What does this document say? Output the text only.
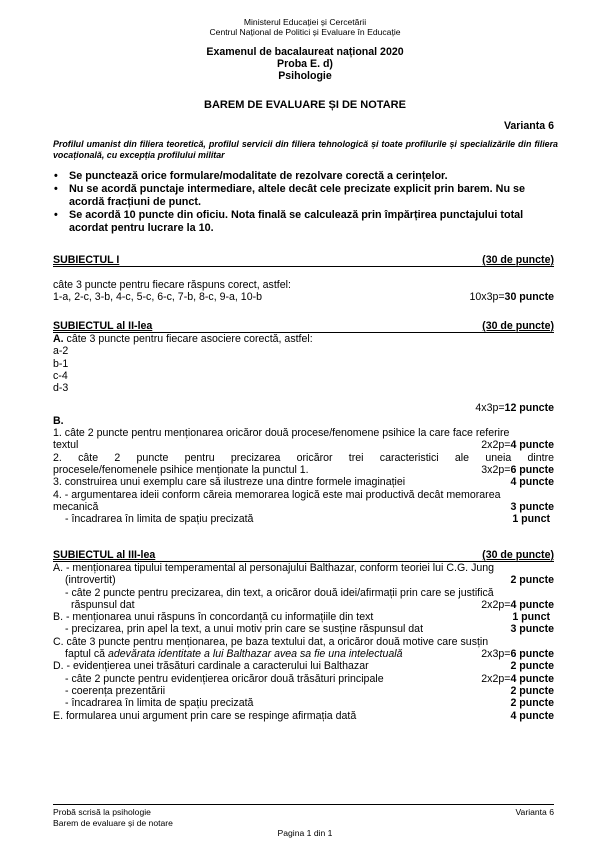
Ministerul Educației și Cercetării
Centrul Național de Politici și Evaluare în Educație
Examenul de bacalaureat național 2020
Proba E. d)
Psihologie
BAREM DE EVALUARE ȘI DE NOTARE
Varianta 6
Profilul umanist din filiera teoretică, profilul servicii din filiera tehnologică și toate profilurile și specializările din filiera vocațională, cu excepția profilului militar
• Se punctează orice formulare/modalitate de rezolvare corectă a cerințelor.
• Nu se acordă punctaje intermediare, altele decât cele precizate explicit prin barem. Nu se acordă fracțiuni de punct.
• Se acordă 10 puncte din oficiu. Nota finală se calculează prin împărțirea punctajului total acordat pentru lucrare la 10.
SUBIECTUL I	(30 de puncte)
câte 3 puncte pentru fiecare răspuns corect, astfel:
1-a, 2-c, 3-b, 4-c, 5-c, 6-c, 7-b, 8-c, 9-a, 10-b	10x3p=30 puncte
SUBIECTUL al II-lea	(30 de puncte)
A. câte 3 puncte pentru fiecare asociere corectă, astfel:
a-2
b-1
c-4
d-3
4x3p=12 puncte
B.
1. câte 2 puncte pentru menționarea oricăror două procese/fenomene psihice la care face referire
textul	2x2p=4 puncte
2. câte 2 puncte pentru precizarea oricăror trei caracteristici ale uneia dintre
procesele/fenomenele psihice menționate la punctul 1.	3x2p=6 puncte
3. construirea unui exemplu care să ilustreze una dintre formele imaginației	4 puncte
4. - argumentarea ideii conform căreia memorarea logică este mai productivă decât memorarea
mecanică	3 puncte
- încadrarea în limita de spațiu precizată	1 punct
SUBIECTUL al III-lea	(30 de puncte)
A. - menționarea tipului temperamental al personajului Balthazar, conform teoriei lui C.G. Jung
(introvertit)	2 puncte
- câte 2 puncte pentru precizarea, din text, a oricăror două idei/afirmații prin care se justifică
răspunsul dat	2x2p=4 puncte
B. - menționarea unui răspuns în concordanță cu informațiile din text	1 punct
- precizarea, prin apel la text, a unui motiv prin care se susține răspunsul dat	3 puncte
C. câte 3 puncte pentru menționarea, pe baza textului dat, a oricăror două motive care susțin
faptul că adevărata identitate a lui Balthazar avea sa fie una intelectuală	2x3p=6 puncte
D. - evidențierea unei trăsături cardinale a caracterului lui Balthazar	2 puncte
- câte 2 puncte pentru evidențierea oricăror două trăsături principale	2x2p=4 puncte
- coerența prezentării	2 puncte
- încadrarea în limita de spațiu precizată	2 puncte
E. formularea unui argument prin care se respinge afirmația dată	4 puncte
Probă scrisă la psihologie
Barem de evaluare și de notare
Varianta 6
Pagina 1 din 1
